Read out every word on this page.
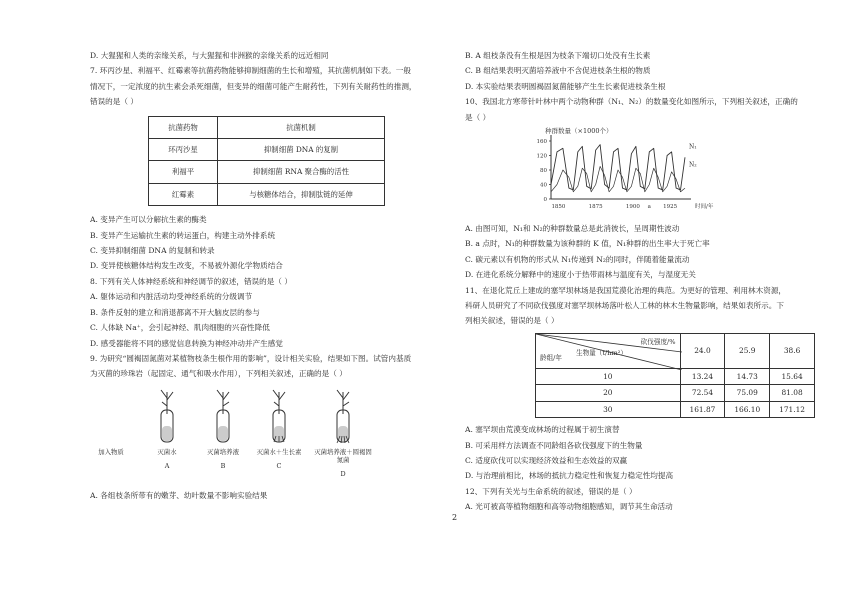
D. 大猩猩和人类的亲缘关系，与大猩猩和非洲猴的亲缘关系的远近相同
7. 环丙沙星、利福平、红霉素等抗菌药物能够抑制细菌的生长和增殖，其抗菌机制如下表。一般
情况下，一定浓度的抗生素会杀死细菌，但变异的细菌可能产生耐药性，下列有关耐药性的推测，
错误的是（ ）
抗菌药物	抗菌机制
环丙沙星	抑制细菌 DNA 的复制
利福平	抑制细菌 RNA 聚合酶的活性
红霉素	与核糖体结合，抑制肽链的延伸
A. 变异产生可以分解抗生素的酶类
B. 变异产生运输抗生素的转运蛋白，构建主动外排系统
C. 变异抑制细菌 DNA 的复制和转录
D. 变异使核糖体结构发生改变，不易被外源化学物质结合
8. 下列有关人体神经系统和神经调节的叙述，错误的是（ ）
A. 躯体运动和内脏活动均受神经系统的分级调节
B. 条件反射的建立和消退都离不开大脑皮层的参与
C. 人体缺 Na⁺，会引起神经、肌肉细胞的兴奋性降低
D. 感受器能将不同的感觉信息转换为神经冲动并产生感觉
9. 为研究“圆褐固氮菌对某植物枝条生根作用的影响”，设计相关实验，结果如下图。试管内基质
为灭菌的珍珠岩（起固定、通气和吸水作用），下列相关叙述，正确的是（ ）
加入物质	灭菌水
A
灭菌培养液
B
灭菌水＋生长素
C
灭菌培养液＋圆褐固氮菌
D
A. 各组枝条所带有的嫩芽、幼叶数量不影响实验结果
B. A 组枝条没有生根是因为枝条下端切口处没有生长素
C. B 组结果表明灭菌培养液中不含促进枝条生根的物质
D. 本实验结果表明圆褐固氮菌能够产生生长素促进枝条生根
10、我国北方寒带针叶林中两个动物种群（N₁、N₂）的数量变化如图所示，下列相关叙述，正确的
是（ ）
种群数量（×1000个）
0
40
80
120
160
1850	1875	1900 a 1925	时间/年
N₁
N₂
A. 由图可知，N₁和 N₂的种群数量总是此消彼长，呈周期性波动
B. a 点时，N₁的种群数量为该种群的 K 值，N₁种群的出生率大于死亡率
C. 碳元素以有机物的形式从 N₁传递到 N₂的同时，伴随着能量流动
D. 在进化系统分解释中的速度小于热带雨林与温度有关，与湿度无关
11、在退化荒丘上建成的塞罕坝林场是我国荒漠化治理的典范。为更好的管理、利用林木资源，
科研人员研究了不同砍伐强度对塞罕坝林场落叶松人工林的林木生物量影响，结果如表所示。下
列相关叙述，错误的是（ ）
砍伐强度/%
生物量（t/hm²）
龄组/年	24.0	25.9	38.6
10	13.24	14.73	15.64
20	72.54	75.09	81.08
30	161.87	166.10	171.12
A. 塞罕坝由荒漠变成林场的过程属于初生演替
B. 可采用样方法调查不同龄组各砍伐强度下的生物量
C. 适度砍伐可以实现经济效益和生态效益的双赢
D. 与治理前相比，林场的抵抗力稳定性和恢复力稳定性均提高
12、下列有关光与生命系统的叙述，错误的是（ ）
A. 光可被高等植物细胞和高等动物细胞感知，调节其生命活动
2
